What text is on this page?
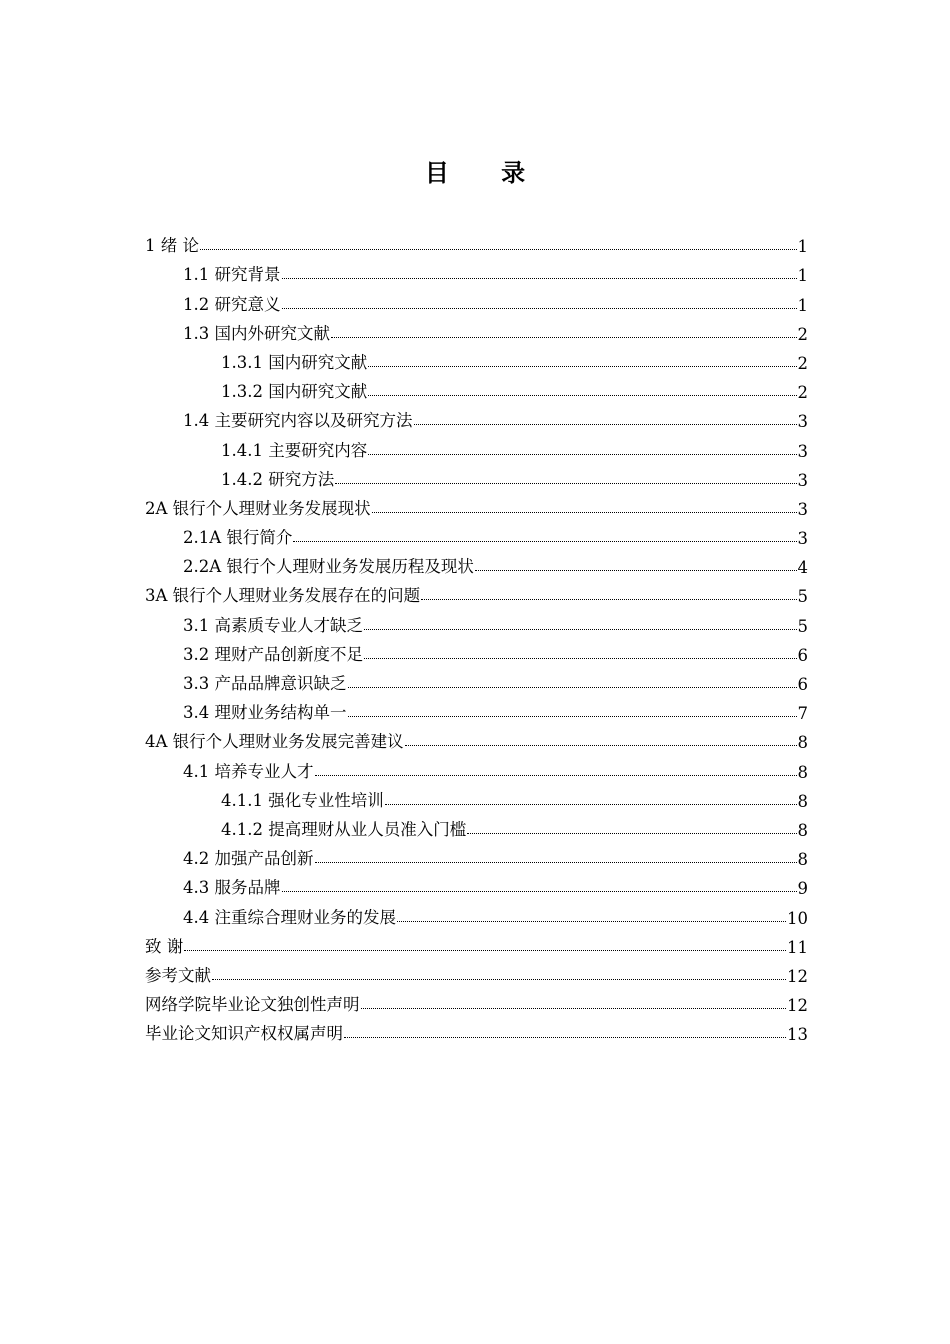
目 录
1 绪 论	1
1.1 研究背景	1
1.2 研究意义	1
1.3 国内外研究文献	2
1.3.1 国内研究文献	2
1.3.2 国内研究文献	2
1.4 主要研究内容以及研究方法	3
1.4.1 主要研究内容	3
1.4.2 研究方法	3
2A 银行个人理财业务发展现状	3
2.1A 银行简介	3
2.2A 银行个人理财业务发展历程及现状	4
3A 银行个人理财业务发展存在的问题	5
3.1 高素质专业人才缺乏	5
3.2 理财产品创新度不足	6
3.3 产品品牌意识缺乏	6
3.4 理财业务结构单一	7
4A 银行个人理财业务发展完善建议	8
4.1 培养专业人才	8
4.1.1 强化专业性培训	8
4.1.2 提高理财从业人员准入门槛	8
4.2 加强产品创新	8
4.3 服务品牌	9
4.4 注重综合理财业务的发展	10
致 谢	11
参考文献	12
网络学院毕业论文独创性声明	12
毕业论文知识产权权属声明	13
